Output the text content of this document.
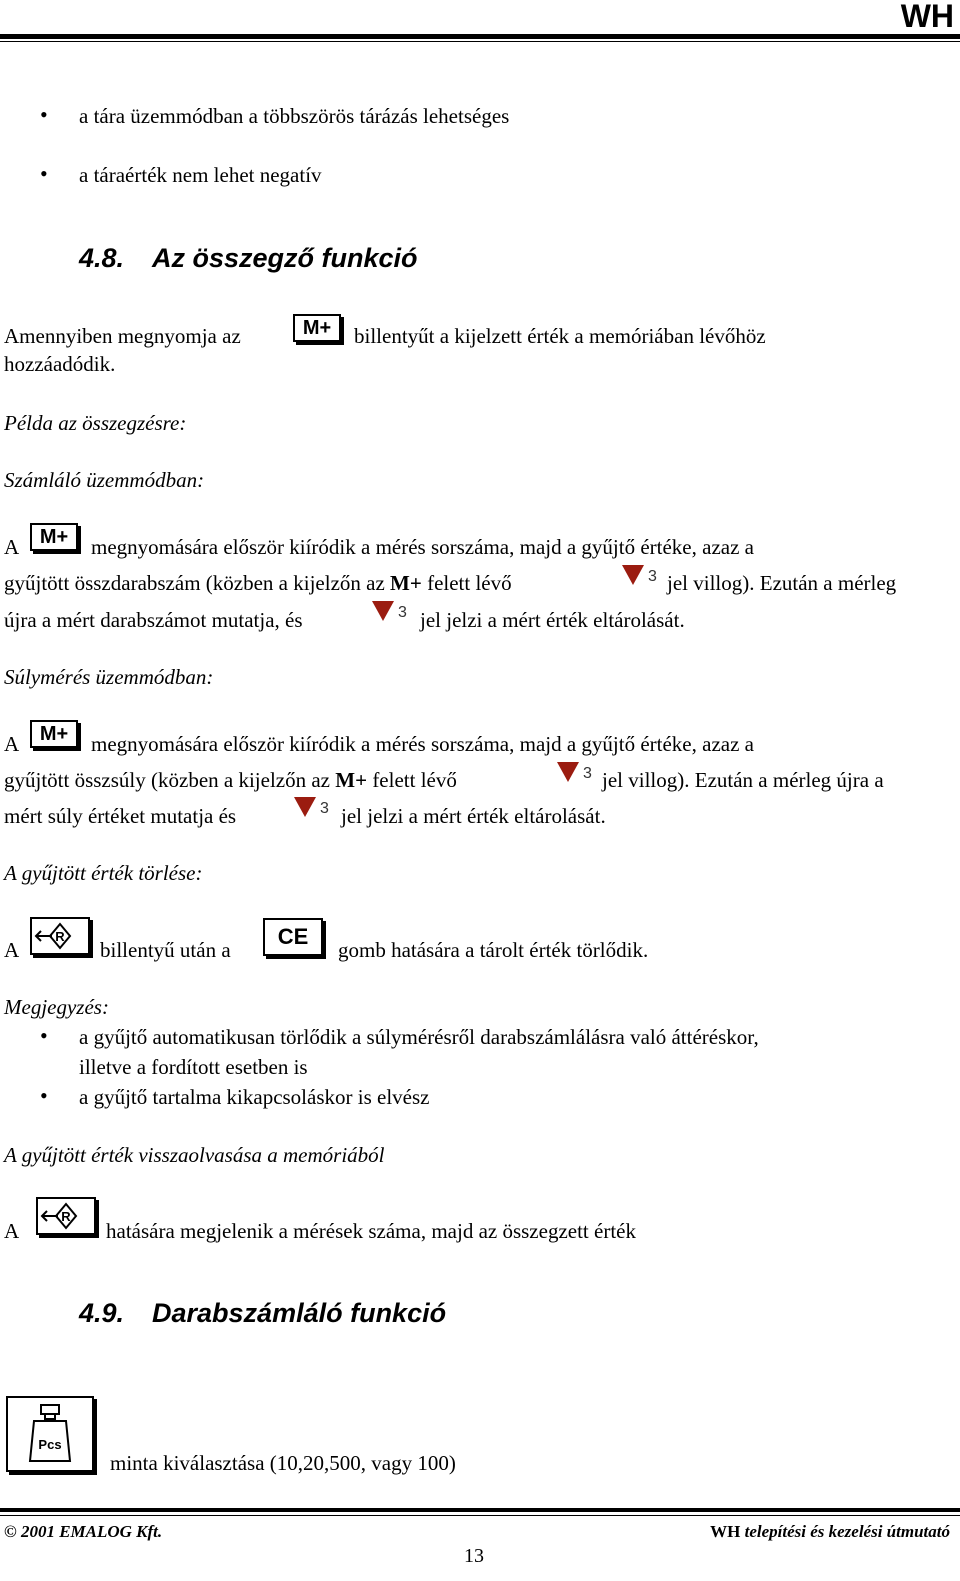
WH
• a tára üzemmódban a többszörös tárázás lehetséges
• a táraérték nem lehet negatív
4.8. Az összegző funkció
Amennyiben megnyomja az	M+	billentyűt a kijelzett érték a memóriában lévőhöz
hozzáadódik.
Példa az összegzésre:
Számláló üzemmódban:
A	M+	megnyomására először kiíródik a mérés sorszáma, majd a gyűjtő értéke, azaz a
gyűjtött összdarabszám (közben a kijelzőn az M+ felett lévő	3 jel villog). Ezután a mérleg
újra a mért darabszámot mutatja, és	3 jel jelzi a mért érték eltárolását.
Súlymérés üzemmódban:
A	M+	megnyomására először kiíródik a mérés sorszáma, majd a gyűjtő értéke, azaz a
gyűjtött összsúly (közben a kijelzőn az M+ felett lévő	3 jel villog). Ezután a mérleg újra a
mért súly értéket mutatja és	3 jel jelzi a mért érték eltárolását.
A gyűjtött érték törlése:
A
R
billentyű után a
CE
gomb hatására a tárolt érték törlődik.
Megjegyzés:
• a gyűjtő automatikusan törlődik a súlymérésről darabszámlálásra való áttéréskor,
illetve a fordított esetben is
• a gyűjtő tartalma kikapcsoláskor is elvész
A gyűjtött érték visszaolvasása a memóriából
A
R
hatására megjelenik a mérések száma, majd az összegzett érték
4.9. Darabszámláló funkció
Pcs
minta kiválasztása (10,20,500, vagy 100)
© 2001 EMALOG Kft.	WH telepítési és kezelési útmutató
13
